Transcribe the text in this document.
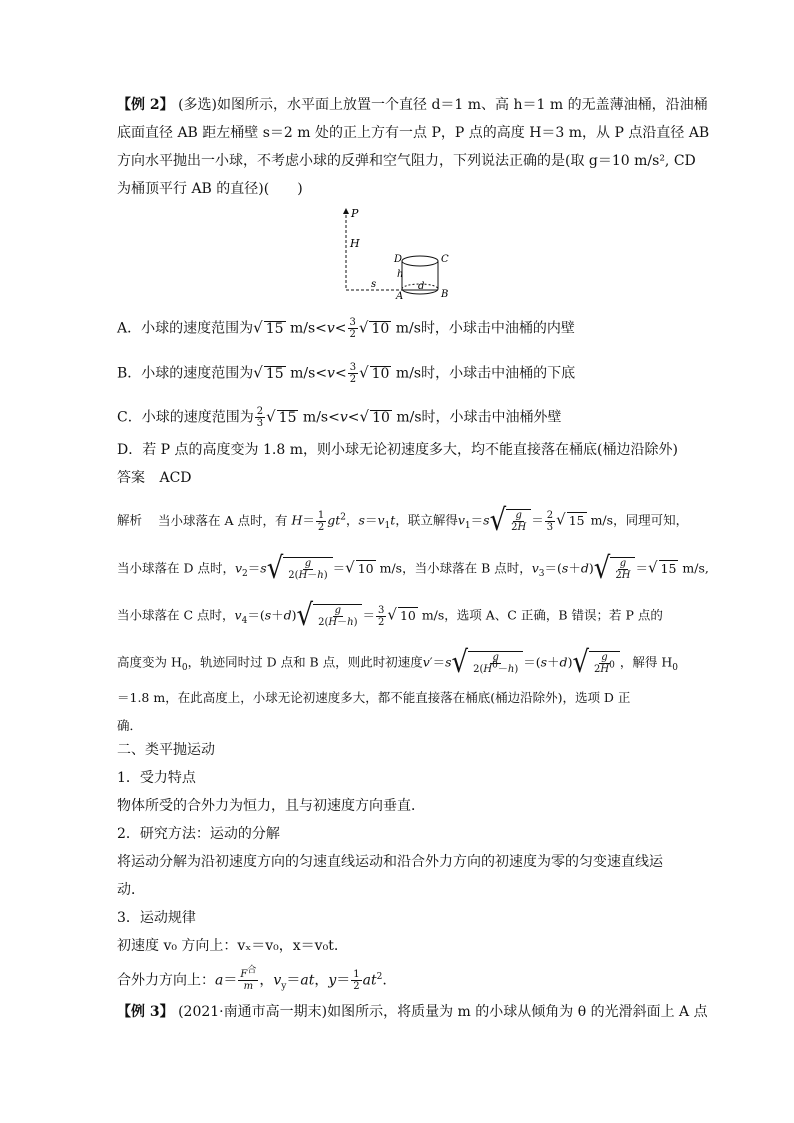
【例 2】 (多选)如图所示，水平面上放置一个直径 d＝1 m、高 h＝1 m 的无盖薄油桶，沿油桶
底面直径 AB 距左桶壁 s＝2 m 处的正上方有一点 P，P 点的高度 H＝3 m，从 P 点沿直径 AB
方向水平抛出一小球，不考虑小球的反弹和空气阻力，下列说法正确的是(取 g＝10 m/s², CD
为桶顶平行 AB 的直径)(　　)
P
H
D	C
h
s
A	B
d
A．小球的速度范围为√ 15 $m/s<v< \frac{3}{2}$ √ 10 m/s时，小球击中油桶的内壁
B．小球的速度范围为√ 15 $m/s<v< \frac{3}{2}$ √ 10 m/s时，小球击中油桶的下底
C．小球的速度范围为 $\frac{2}{3}$ √ 15 m/s<v<√ 10 m/s时，小球击中油桶外壁
D．若 P 点的高度变为 1.8 m，则小球无论初速度多大，均不能直接落在桶底(桶边沿除外)
答案 ACD
解析 当小球落在 A 点时，有 $H= \frac{1}{2} gt^2$，$s=v_1t$，联立解得$v_1=s$ √ $\frac{g}{2H} = \frac{2}{3}$ √ 15 m/s，同理可知，
当小球落在 D 点时，$v_2=s$ √ $\frac{g}{2(H-h)}$ ＝√ 10 m/s，当小球落在 B 点时，$v_3=(s+d)$ √ $\frac{g}{2H}$ ＝√ 15 m/s,
当小球落在 C 点时，$v_4=(s+d)$ √ $\frac{g}{2(H-h)} = \frac{3}{2}$ √ 10 m/s，选项 A、C 正确，B 错误；若 P 点的
高度变为 $H_0$，轨迹同时过 D 点和 B 点，则此时初速度v′＝s √ $\frac{g}{2(H^0-h)} =(s+d)$ √ $\frac{g}{2H^0}$ ，解得 $H_0$
＝1.8 m，在此高度上，小球无论初速度多大，都不能直接落在桶底(桶边沿除外)，选项 D 正
确．
二、类平抛运动
1．受力特点
物体所受的合外力为恒力，且与初速度方向垂直．
2．研究方法：运动的分解
将运动分解为沿初速度方向的匀速直线运动和沿合外力方向的初速度为零的匀变速直线运
动．
3．运动规律
初速度 v₀ 方向上：vₓ＝v₀，x＝v₀t.
合外力方向上：$a= \frac{F^合}{m}$ ，$v_y=at$，$y= \frac{1}{2} at^2$.
【例 3】 (2021·南通市高一期末)如图所示，将质量为 m 的小球从倾角为 θ 的光滑斜面上 A 点
